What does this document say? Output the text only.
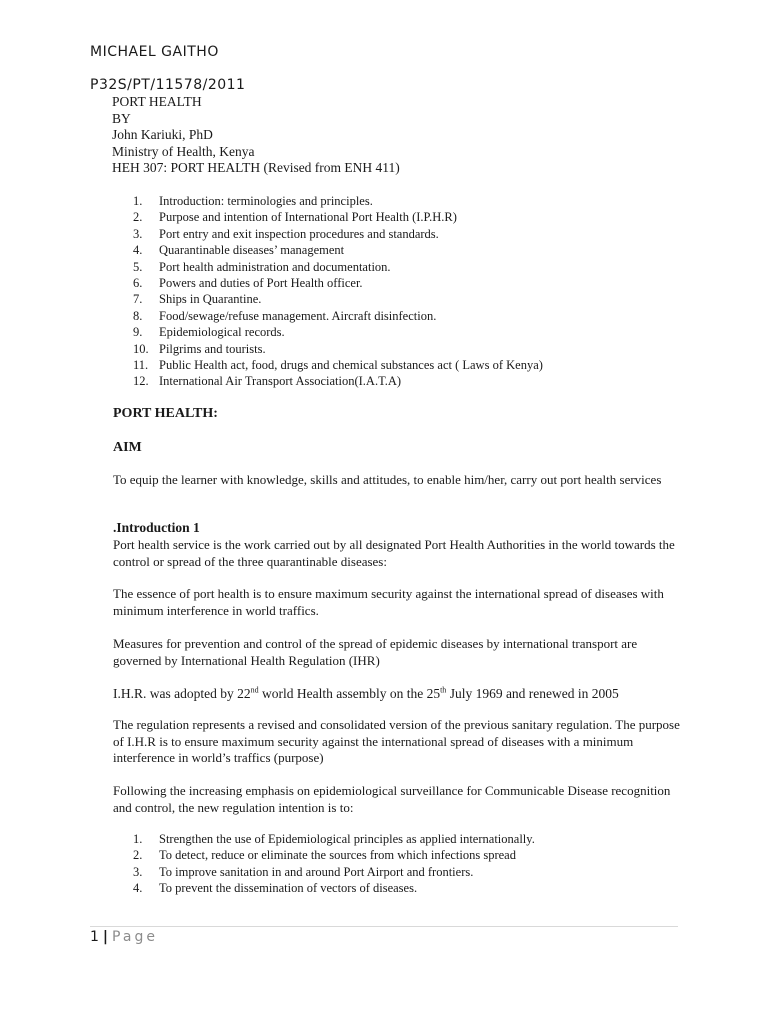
MICHAEL GAITHO
P32S/PT/11578/2011
PORT HEALTH
BY
John Kariuki, PhD
Ministry of Health, Kenya
HEH 307: PORT HEALTH (Revised from ENH 411)
1.	Introduction: terminologies and principles.
2.	Purpose and intention of International Port Health (I.P.H.R)
3.	Port entry and exit inspection procedures and standards.
4.	Quarantinable diseases’ management
5.	Port health administration and documentation.
6.	Powers and duties of Port Health officer.
7.	Ships in Quarantine.
8.	Food/sewage/refuse management. Aircraft disinfection.
9.	Epidemiological records.
10. Pilgrims and tourists.
11. Public Health act, food, drugs and chemical substances act ( Laws of Kenya)
12. International Air Transport Association(I.A.T.A)
PORT HEALTH:
AIM
To equip the learner with knowledge, skills and attitudes, to enable him/her, carry out port health services
.Introduction 1
Port health service is the work carried out by all designated Port Health Authorities in the world towards the control or spread of the three quarantinable diseases:
The essence of port health is to ensure maximum security against the international spread of diseases with minimum interference in world traffics.
Measures for prevention and control of the spread of epidemic diseases by international transport are governed by International Health Regulation (IHR)
I.H.R. was adopted by 22nd world Health assembly on the 25th July 1969 and renewed in 2005
The regulation represents a revised and consolidated version of the previous sanitary regulation. The purpose of I.H.R is to ensure maximum security against the international spread of diseases with a minimum interference in world’s traffics (purpose)
Following the increasing emphasis on epidemiological surveillance for Communicable Disease recognition and control, the new regulation intention is to:
1.	Strengthen the use of Epidemiological principles as applied internationally.
2.	To detect, reduce or eliminate the sources from which infections spread
3.	To improve sanitation in and around Port Airport and frontiers.
4.	To prevent the dissemination of vectors of diseases.
1 | Page
